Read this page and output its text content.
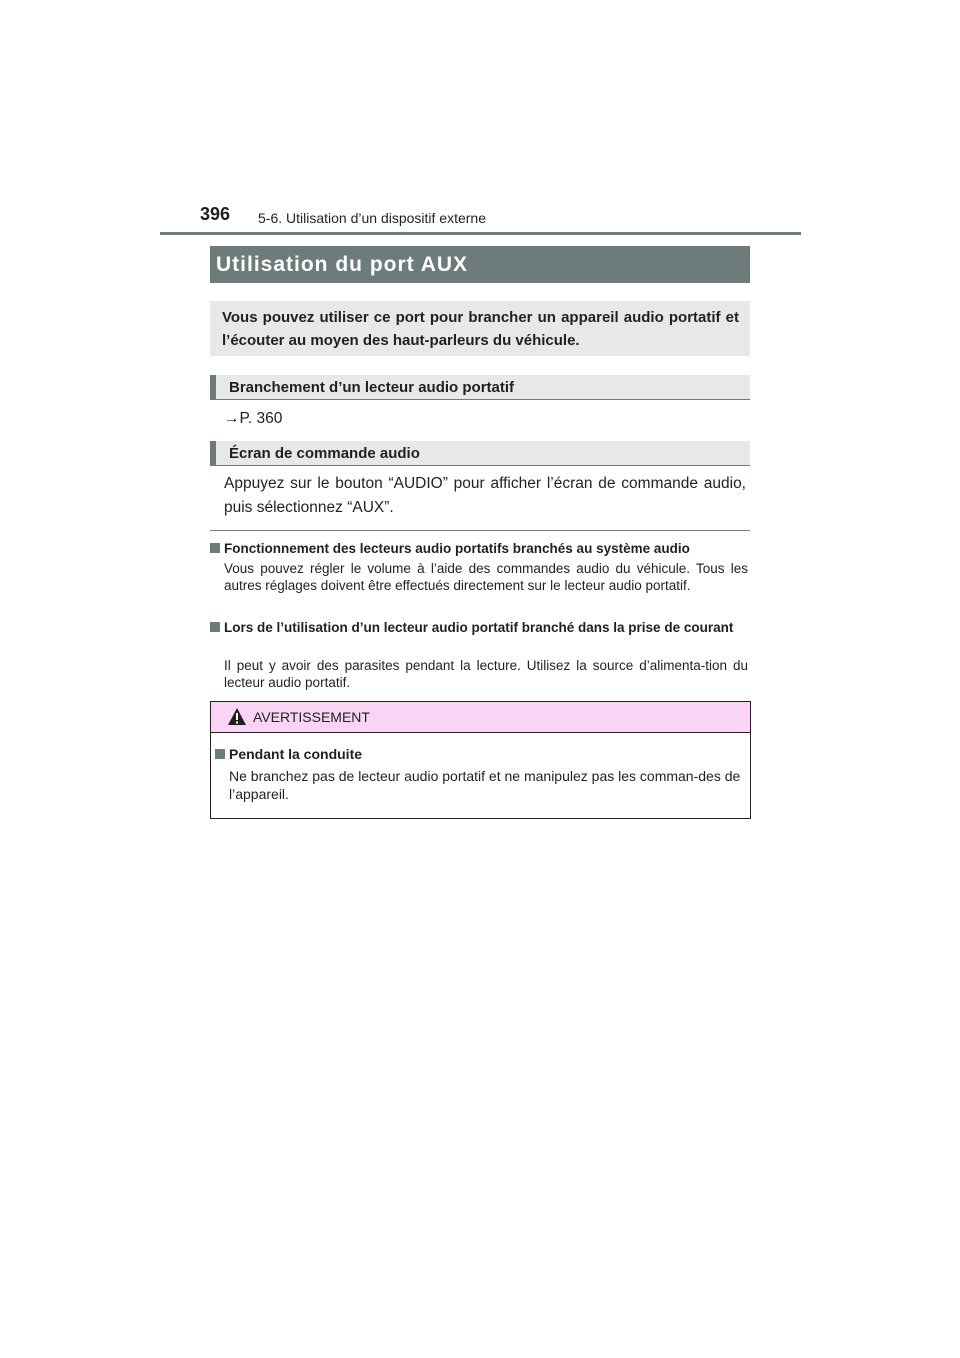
396 5-6. Utilisation d’un dispositif externe
Utilisation du port AUX
Vous pouvez utiliser ce port pour brancher un appareil audio portatif et l’écouter au moyen des haut-parleurs du véhicule.
Branchement d’un lecteur audio portatif
→P. 360
Écran de commande audio
Appuyez sur le bouton “AUDIO” pour afficher l’écran de commande audio, puis sélectionnez “AUX”.
Fonctionnement des lecteurs audio portatifs branchés au système audio
Vous pouvez régler le volume à l’aide des commandes audio du véhicule. Tous les autres réglages doivent être effectués directement sur le lecteur audio portatif.
Lors de l’utilisation d’un lecteur audio portatif branché dans la prise de courant
Il peut y avoir des parasites pendant la lecture. Utilisez la source d’alimenta-tion du lecteur audio portatif.
AVERTISSEMENT
Pendant la conduite
Ne branchez pas de lecteur audio portatif et ne manipulez pas les comman-des de l’appareil.
